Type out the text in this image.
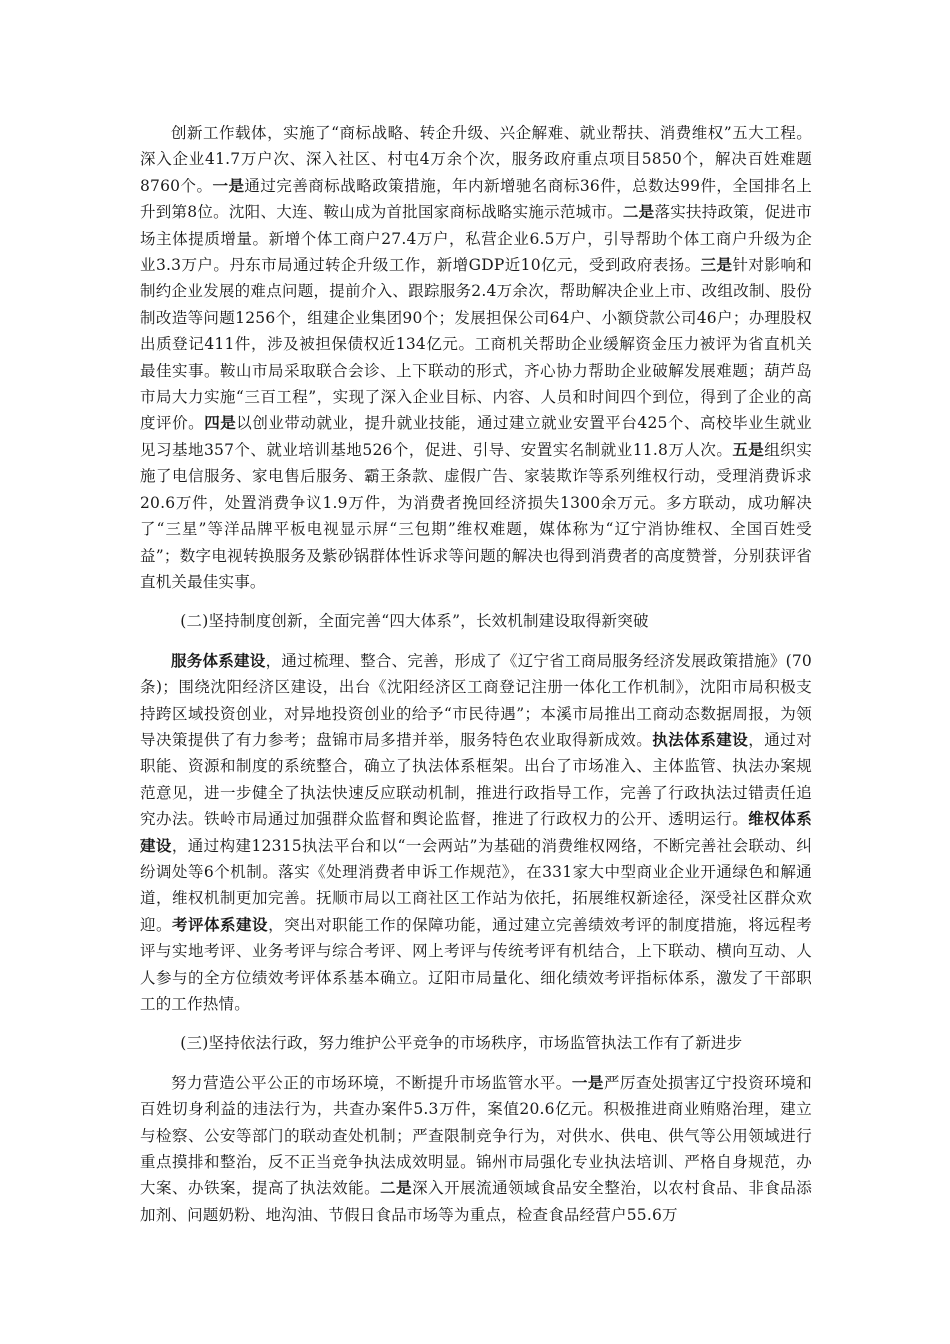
创新工作载体，实施了“商标战略、转企升级、兴企解难、就业帮扶、消费维权”五大工程。深入企业41.7万户次、深入社区、村屯4万余个次，服务政府重点项目5850个，解决百姓难题8760个。一是通过完善商标战略政策措施，年内新增驰名商标36件，总数达99件，全国排名上升到第8位。沈阳、大连、鞍山成为首批国家商标战略实施示范城市。二是落实扶持政策，促进市场主体提质增量。新增个体工商户27.4万户，私营企业6.5万户，引导帮助个体工商户升级为企业3.3万户。丹东市局通过转企升级工作，新增GDP近10亿元，受到政府表扬。三是针对影响和制约企业发展的难点问题，提前介入、跟踪服务2.4万余次，帮助解决企业上市、改组改制、股份制改造等问题1256个，组建企业集团90个；发展担保公司64户、小额贷款公司46户；办理股权出质登记411件，涉及被担保债权近134亿元。工商机关帮助企业缓解资金压力被评为省直机关最佳实事。鞍山市局采取联合会诊、上下联动的形式，齐心协力帮助企业破解发展难题；葫芦岛市局大力实施“三百工程”，实现了深入企业目标、内容、人员和时间四个到位，得到了企业的高度评价。四是以创业带动就业，提升就业技能，通过建立就业安置平台425个、高校毕业生就业见习基地357个、就业培训基地526个，促进、引导、安置实名制就业11.8万人次。五是组织实施了电信服务、家电售后服务、霸王条款、虚假广告、家装欺诈等系列维权行动，受理消费诉求20.6万件，处置消费争议1.9万件，为消费者挽回经济损失1300余万元。多方联动，成功解决了“三星”等洋品牌平板电视显示屏“三包期”维权难题，媒体称为“辽宁消协维权、全国百姓受益”；数字电视转换服务及紫砂锅群体性诉求等问题的解决也得到消费者的高度赞誉，分别获评省直机关最佳实事。

(二)坚持制度创新，全面完善“四大体系”，长效机制建设取得新突破

服务体系建设，通过梳理、整合、完善，形成了《辽宁省工商局服务经济发展政策措施》(70条)；围绕沈阳经济区建设，出台《沈阳经济区工商登记注册一体化工作机制》，沈阳市局积极支持跨区域投资创业，对异地投资创业的给予“市民待遇”；本溪市局推出工商动态数据周报，为领导决策提供了有力参考；盘锦市局多措并举，服务特色农业取得新成效。执法体系建设，通过对职能、资源和制度的系统整合，确立了执法体系框架。出台了市场准入、主体监管、执法办案规范意见，进一步健全了执法快速反应联动机制，推进行政指导工作，完善了行政执法过错责任追究办法。铁岭市局通过加强群众监督和舆论监督，推进了行政权力的公开、透明运行。维权体系建设，通过构建12315执法平台和以“一会两站”为基础的消费维权网络，不断完善社会联动、纠纷调处等6个机制。落实《处理消费者申诉工作规范》，在331家大中型商业企业开通绿色和解通道，维权机制更加完善。抚顺市局以工商社区工作站为依托，拓展维权新途径，深受社区群众欢迎。考评体系建设，突出对职能工作的保障功能，通过建立完善绩效考评的制度措施，将远程考评与实地考评、业务考评与综合考评、网上考评与传统考评有机结合，上下联动、横向互动、人人参与的全方位绩效考评体系基本确立。辽阳市局量化、细化绩效考评指标体系，激发了干部职工的工作热情。

(三)坚持依法行政，努力维护公平竞争的市场秩序，市场监管执法工作有了新进步

努力营造公平公正的市场环境，不断提升市场监管水平。一是严厉查处损害辽宁投资环境和百姓切身利益的违法行为，共查办案件5.3万件，案值20.6亿元。积极推进商业贿赂治理，建立与检察、公安等部门的联动查处机制；严查限制竞争行为，对供水、供电、供气等公用领域进行重点摸排和整治，反不正当竞争执法成效明显。锦州市局强化专业执法培训、严格自身规范，办大案、办铁案，提高了执法效能。二是深入开展流通领域食品安全整治，以农村食品、非食品添加剂、问题奶粉、地沟油、节假日食品市场等为重点，检查食品经营户55.6万
